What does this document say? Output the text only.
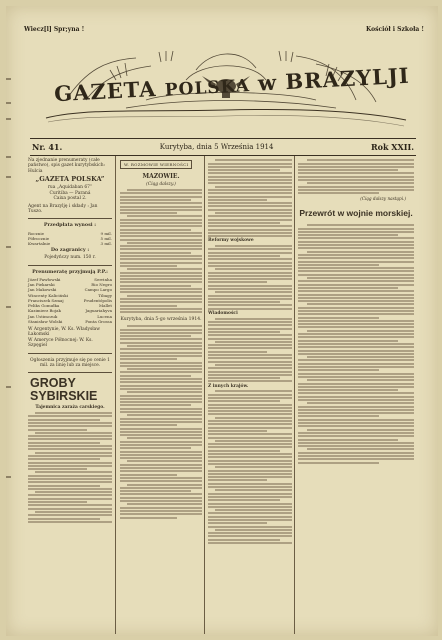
Wiecz[l] Spr;yna !	Kościół i Szkoła !
GAZETA POLSKA w BRAZYLJI
Nr. 41.	Kurytyba, dnia 5 Września 1914	Rok XXII.
Na zjednanie prenumeraty (całe państwo), spis gazet kurytybskich: Hulcia
„GAZETA POLSKA”
rua „Aquidaban 67”
Curitiba — Paraná
Caixa postal 2.
Agent na Brazylję i składy : Jan Tuszo.
Przedpłata wynosi :
Rocznie	9 mil.
Półrocznie	5 mil.
Kwartalnie	3 mil.
Do zagranicy :
Pojedyńczy num. 150 r.
Prenumeratę przyjmują P.P.:
Józef Pawłowski	Serrinha
Jan Piekarski	Rio Negro
Jan Makowski	Campo Largo
Wincenty Kaliciński	Tibagy
Franciszek Szmaj	Prudentópolis
Feliks Gomułka	Mallet
Kazimierz Bojak	Jaguariahyva
Jan Ustimczuk	Lucena
Stanisław Wolski	Ponta Grossa
W Argentynie, W. Ks. Władysław Łakomski
W Ameryce Północnej: W. Ks. Szpęgiel
Ogłoszenia przyjmuje się po cenie 1 mil. za linię lub za miejsce.
GROBY SYBIRSKIE
Tajemnica zaraża carskiego.
W. ROZMOWIE WIERNOŚCI
MAZOWIE.
(Ciąg dalszy.)
Kurytyba, dnia 5-go września 1914.
Reformy wojskowe
Wiadomości
Z innych krajów.
(Ciąg dalszy nastąpi.)
Przewrót w wojnie morskiej.
